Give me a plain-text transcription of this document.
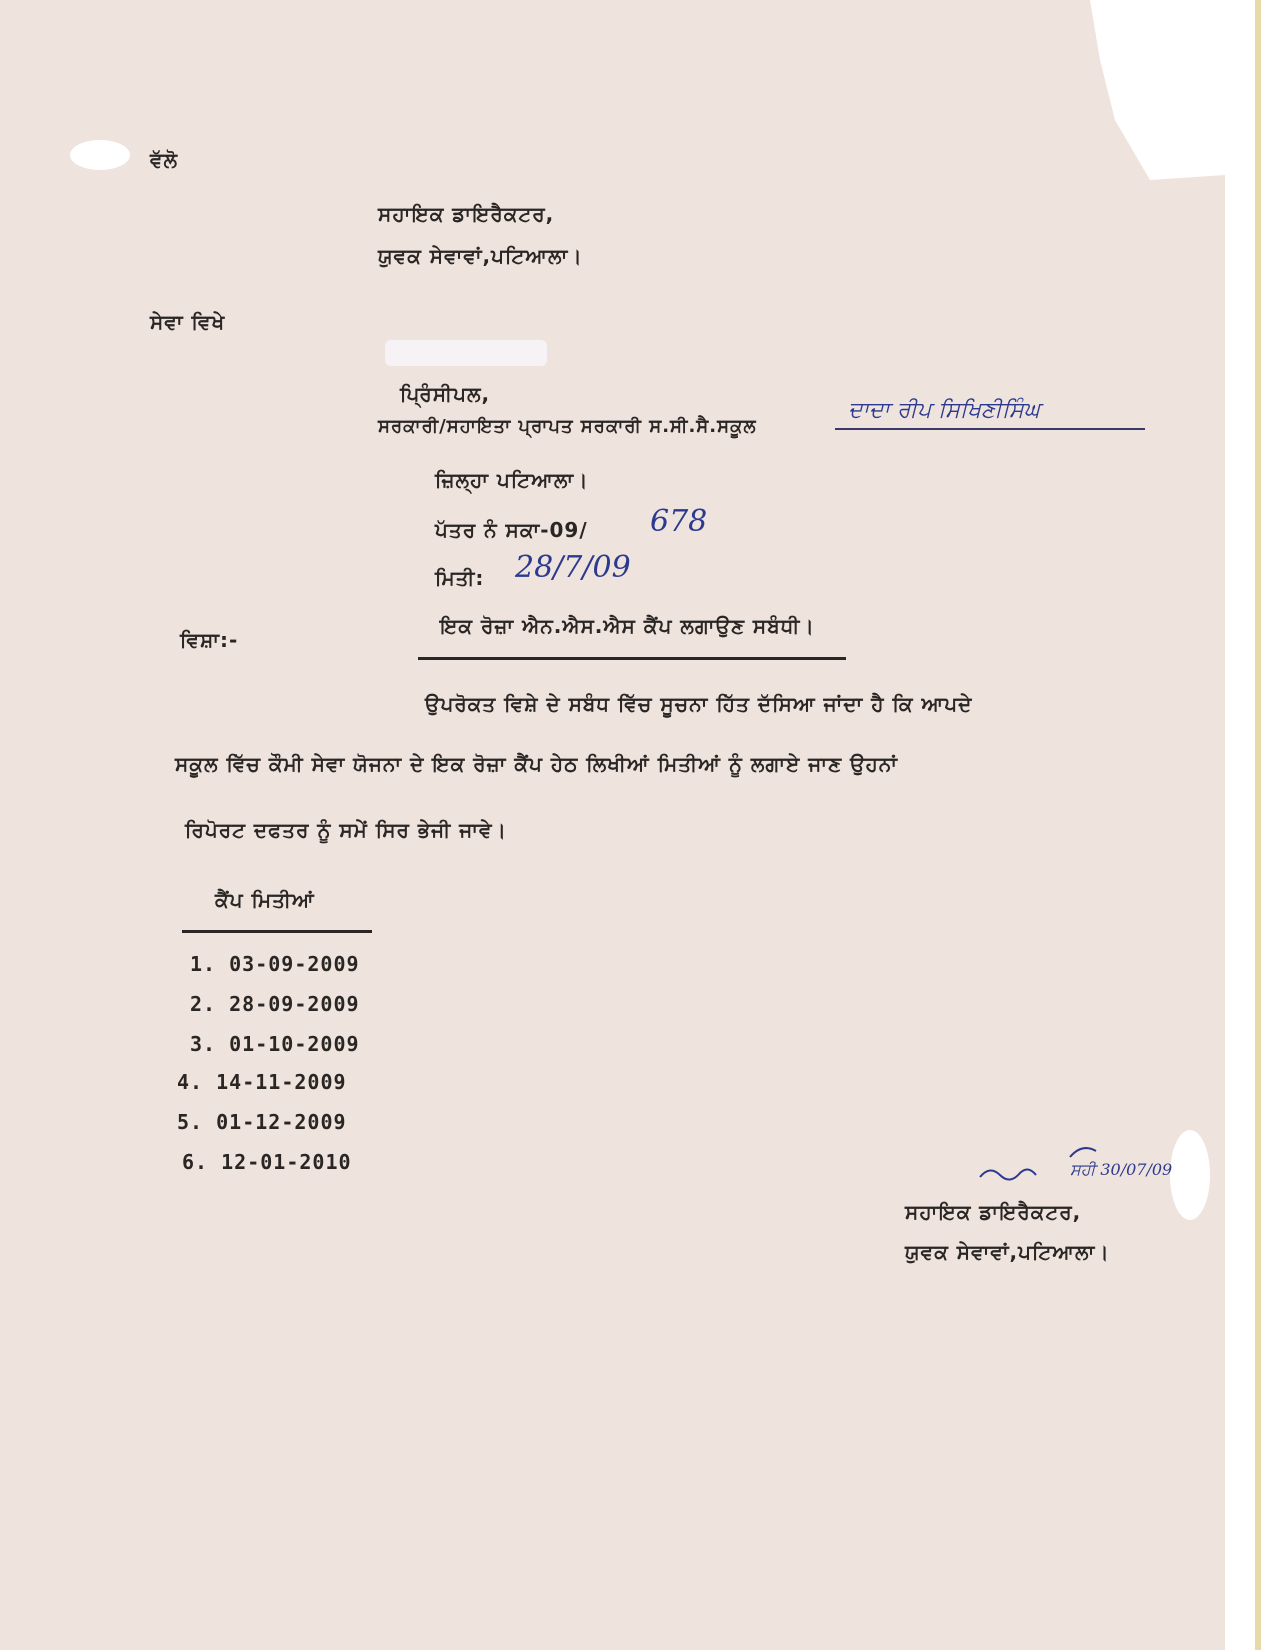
ਵੱਲੋ
ਸਹਾਇਕ ਡਾਇਰੈਕਟਰ,
ਯੁਵਕ ਸੇਵਾਵਾਂ,ਪਟਿਆਲਾ।
ਸੇਵਾ ਵਿਖੇ
ਪ੍ਰਿੰਸੀਪਲ,
ਸਰਕਾਰੀ/ਸਹਾਇਤਾ ਪ੍ਰਾਪਤ ਸਰਕਾਰੀ ਸ.ਸੀ.ਸੈ.ਸਕੂਲ
ਦਾਦਾ ਰੀਪ ਸਿਖਿਣੀਸਿੰਘ
ਜ਼ਿਲ੍ਹਾ ਪਟਿਆਲਾ।
ਪੱਤਰ ਨੰ ਸਕਾ-09/ 678
ਮਿਤੀ: 28/7/09
ਵਿਸ਼ਾ:-
ਇਕ ਰੋਜ਼ਾ ਐਨ.ਐਸ.ਐਸ ਕੈਂਪ ਲਗਾਉਣ ਸਬੰਧੀ।
ਉਪਰੋਕਤ ਵਿਸ਼ੇ ਦੇ ਸਬੰਧ ਵਿੱਚ ਸੂਚਨਾ ਹਿੱਤ ਦੱਸਿਆ ਜਾਂਦਾ ਹੈ ਕਿ ਆਪਦੇ
ਸਕੂਲ ਵਿੱਚ ਕੌਮੀ ਸੇਵਾ ਯੋਜਨਾ ਦੇ ਇਕ ਰੋਜ਼ਾ ਕੈਂਪ ਹੇਠ ਲਿਖੀਆਂ ਮਿਤੀਆਂ ਨੂੰ ਲਗਾਏ ਜਾਣ ਉਹਨਾਂ
ਰਿਪੋਰਟ ਦਫਤਰ ਨੂੰ ਸਮੇਂ ਸਿਰ ਭੇਜੀ ਜਾਵੇ।
ਕੈਂਪ ਮਿਤੀਆਂ
1. 03-09-2009
2. 28-09-2009
3. 01-10-2009
4. 14-11-2009
5. 01-12-2009
6. 12-01-2010	ਸਹੀ 30/07/09
ਸਹਾਇਕ ਡਾਇਰੈਕਟਰ,
ਯੁਵਕ ਸੇਵਾਵਾਂ,ਪਟਿਆਲਾ।
